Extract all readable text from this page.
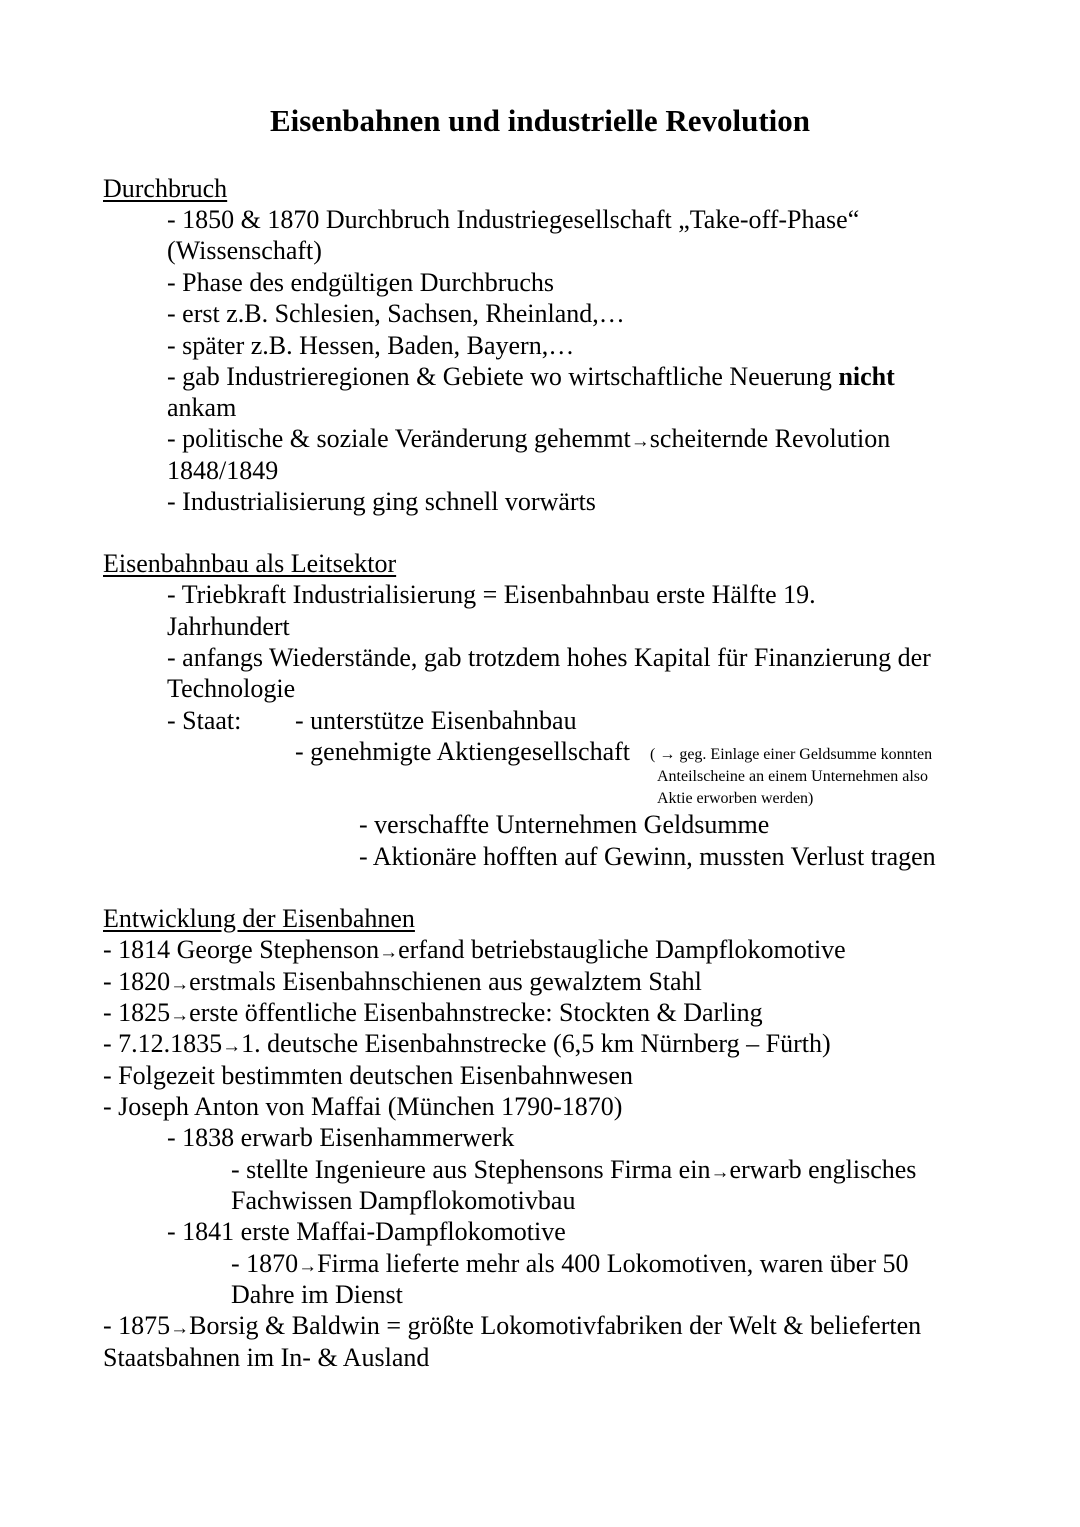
Eisenbahnen und industrielle Revolution
Durchbruch
- 1850 & 1870 Durchbruch Industriegesellschaft „Take-off-Phase“
(Wissenschaft)
- Phase des endgültigen Durchbruchs
- erst z.B. Schlesien, Sachsen, Rheinland,…
- später z.B. Hessen, Baden, Bayern,…
- gab Industrieregionen & Gebiete wo wirtschaftliche Neuerung nicht
ankam
- politische & soziale Veränderung gehemmt→scheiternde Revolution
1848/1849
- Industrialisierung ging schnell vorwärts
Eisenbahnbau als Leitsektor
- Triebkraft Industrialisierung = Eisenbahnbau erste Hälfte 19.
Jahrhundert
- anfangs Wiederstände, gab trotzdem hohes Kapital für Finanzierung der
Technologie
- Staat: - unterstütze Eisenbahnbau
- genehmigte Aktiengesellschaft ( → geg. Einlage einer Geldsumme konnten
Anteilscheine an einem Unternehmen also
Aktie erworben werden)
- verschaffte Unternehmen Geldsumme
- Aktionäre hofften auf Gewinn, mussten Verlust tragen
Entwicklung der Eisenbahnen
- 1814 George Stephenson→erfand betriebstaugliche Dampflokomotive
- 1820→erstmals Eisenbahnschienen aus gewalztem Stahl
- 1825→erste öffentliche Eisenbahnstrecke: Stockten & Darling
- 7.12.1835→1. deutsche Eisenbahnstrecke (6,5 km Nürnberg – Fürth)
- Folgezeit bestimmten deutschen Eisenbahnwesen
- Joseph Anton von Maffai (München 1790-1870)
- 1838 erwarb Eisenhammerwerk
- stellte Ingenieure aus Stephensons Firma ein→erwarb englisches
Fachwissen Dampflokomotivbau
- 1841 erste Maffai-Dampflokomotive
- 1870→Firma lieferte mehr als 400 Lokomotiven, waren über 50
Dahre im Dienst
- 1875→Borsig & Baldwin = größte Lokomotivfabriken der Welt & belieferten
Staatsbahnen im In- & Ausland
